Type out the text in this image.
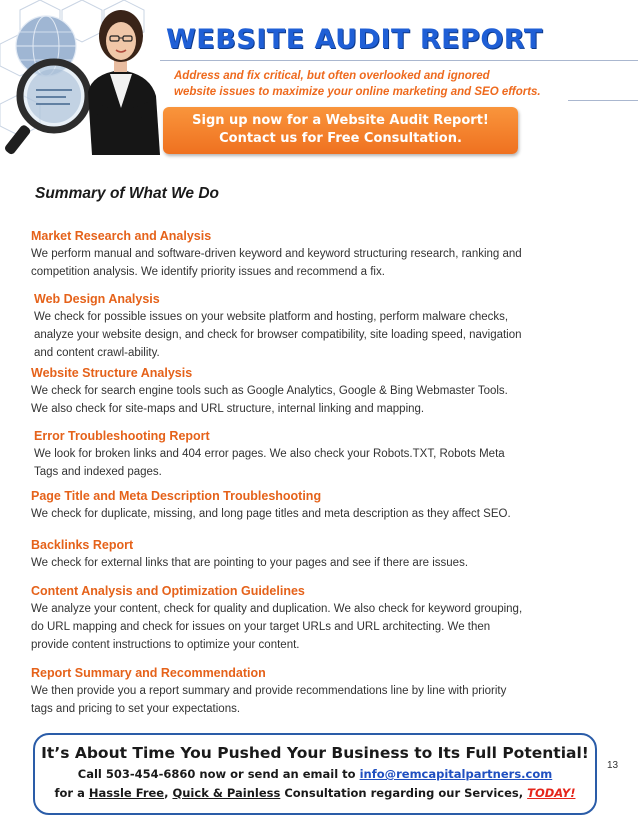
WEBSITE AUDIT REPORT
Address and fix critical, but often overlooked and ignored
website issues to maximize your online marketing and SEO efforts.
Sign up now for a Website Audit Report!
Contact us for Free Consultation.
Summary of What We Do
Market Research and Analysis
We perform manual and software-driven keyword and keyword structuring research, ranking and
competition analysis. We identify priority issues and recommend a fix.
Web Design Analysis
We check for possible issues on your website platform and hosting, perform malware checks,
analyze your website design, and check for browser compatibility, site loading speed, navigation
and content crawl-ability.
Website Structure Analysis
We check for search engine tools such as Google Analytics, Google & Bing Webmaster Tools.
We also check for site-maps and URL structure, internal linking and mapping.
Error Troubleshooting Report
We look for broken links and 404 error pages. We also check your Robots.TXT, Robots Meta
Tags and indexed pages.
Page Title and Meta Description Troubleshooting
We check for duplicate, missing, and long page titles and meta description as they affect SEO.
Backlinks Report
We check for external links that are pointing to your pages and see if there are issues.
Content Analysis and Optimization Guidelines
We analyze your content, check for quality and duplication. We also check for keyword grouping,
do URL mapping and check for issues on your target URLs and URL architecting. We then
provide content instructions to optimize your content.
Report Summary and Recommendation
We then provide you a report summary and provide recommendations line by line with priority
tags and pricing to set your expectations.
It’s About Time You Pushed Your Business to Its Full Potential!
Call 503-454-6860 now or send an email to info@remcapitalpartners.com
for a Hassle Free, Quick & Painless Consultation regarding our Services, TODAY!
13
